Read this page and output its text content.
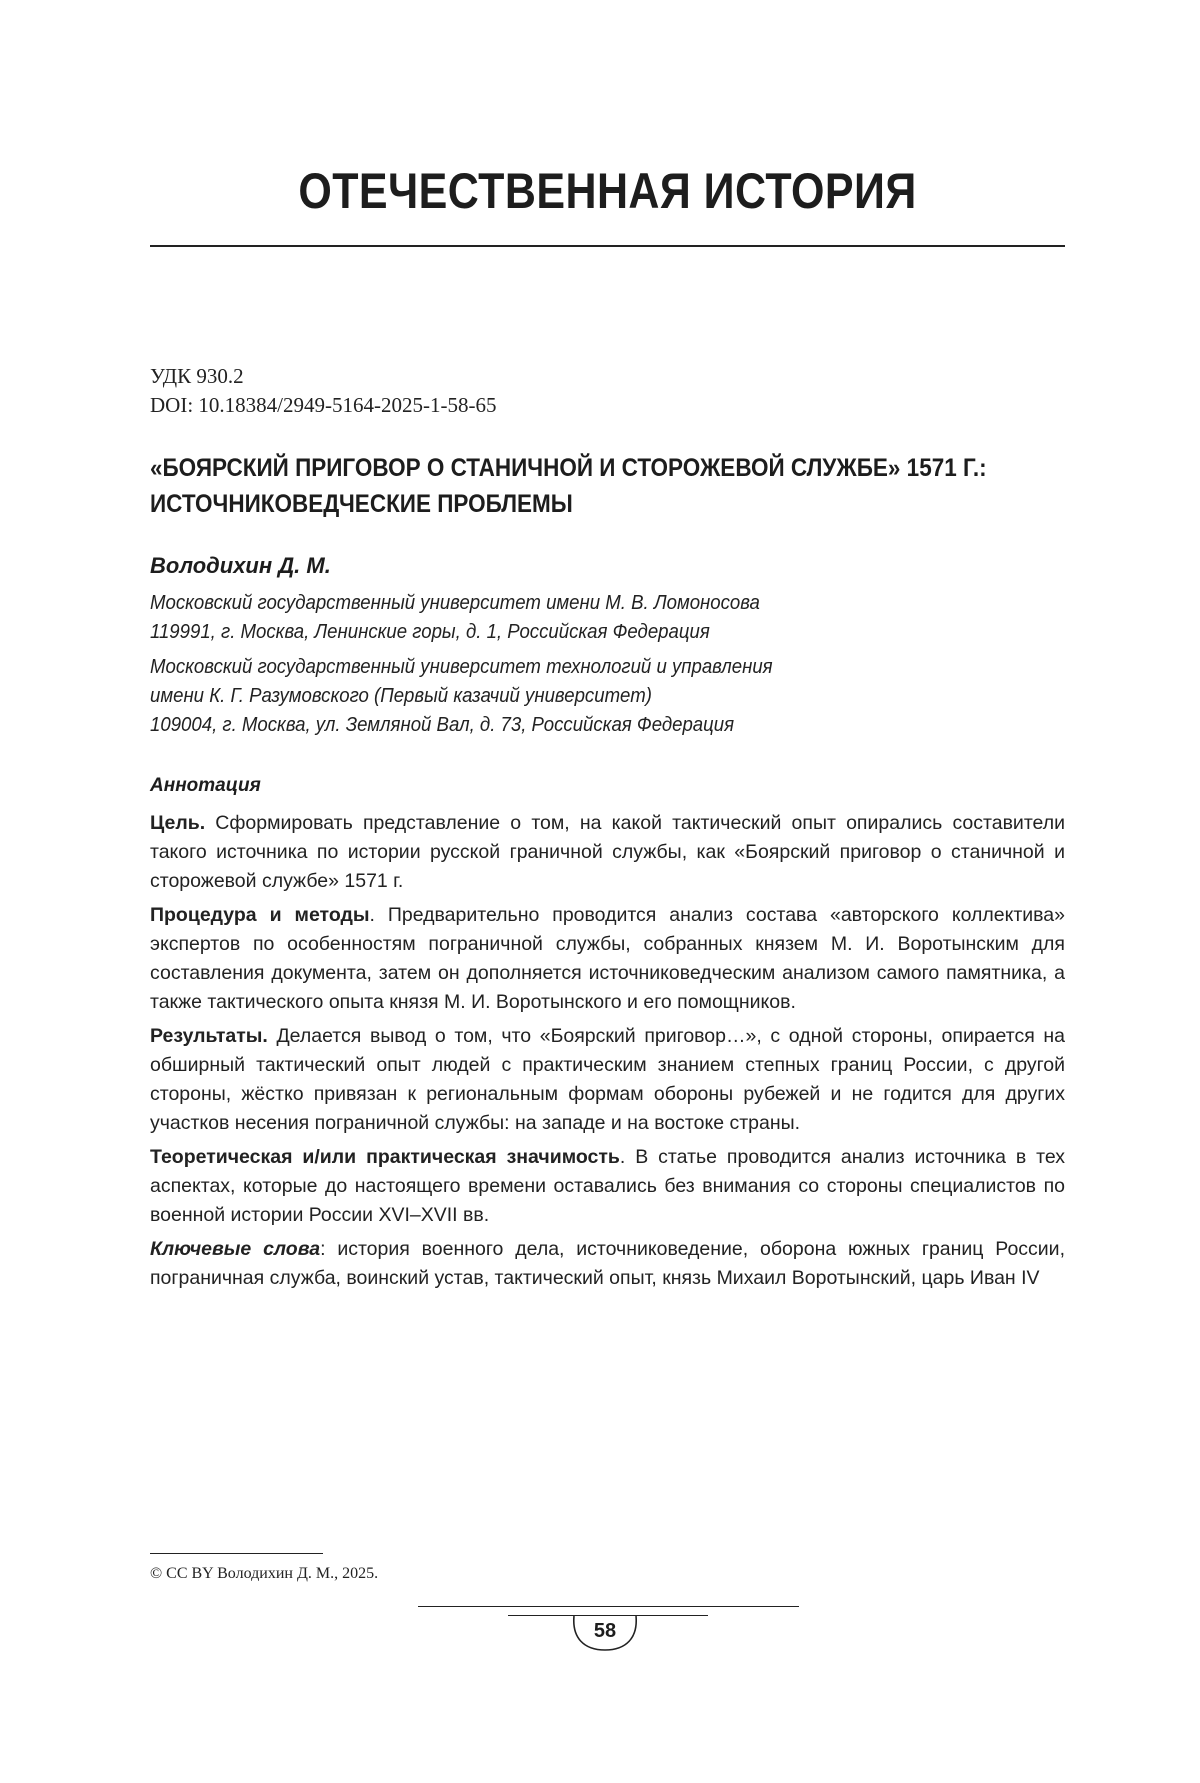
ОТЕЧЕСТВЕННАЯ ИСТОРИЯ
УДК 930.2
DOI: 10.18384/2949-5164-2025-1-58-65
«БОЯРСКИЙ ПРИГОВОР О СТАНИЧНОЙ И СТОРОЖЕВОЙ СЛУЖБЕ» 1571 Г.:
ИСТОЧНИКОВЕДЧЕСКИЕ ПРОБЛЕМЫ
Володихин Д. М.
Московский государственный университет имени М. В. Ломоносова
119991, г. Москва, Ленинские горы, д. 1, Российская Федерация
Московский государственный университет технологий и управления
имени К. Г. Разумовского (Первый казачий университет)
109004, г. Москва, ул. Земляной Вал, д. 73, Российская Федерация
Аннотация
Цель. Сформировать представление о том, на какой тактический опыт опирались составители такого источника по истории русской граничной службы, как «Боярский приговор о станичной и сторожевой службе» 1571 г.
Процедура и методы. Предварительно проводится анализ состава «авторского коллектива» экспертов по особенностям пограничной службы, собранных князем М. И. Воротынским для составления документа, затем он дополняется источниковедческим анализом самого памятника, а также тактического опыта князя М. И. Воротынского и его помощников.
Результаты. Делается вывод о том, что «Боярский приговор…», с одной стороны, опирается на обширный тактический опыт людей с практическим знанием степных границ России, с другой стороны, жёстко привязан к региональным формам обороны рубежей и не годится для других участков несения пограничной службы: на западе и на востоке страны.
Теоретическая и/или практическая значимость. В статье проводится анализ источника в тех аспектах, которые до настоящего времени оставались без внимания со стороны специалистов по военной истории России XVI–XVII вв.
Ключевые слова: история военного дела, источниковедение, оборона южных границ России, пограничная служба, воинский устав, тактический опыт, князь Михаил Воротынский, царь Иван IV
© CC BY Володихин Д. М., 2025.
58
